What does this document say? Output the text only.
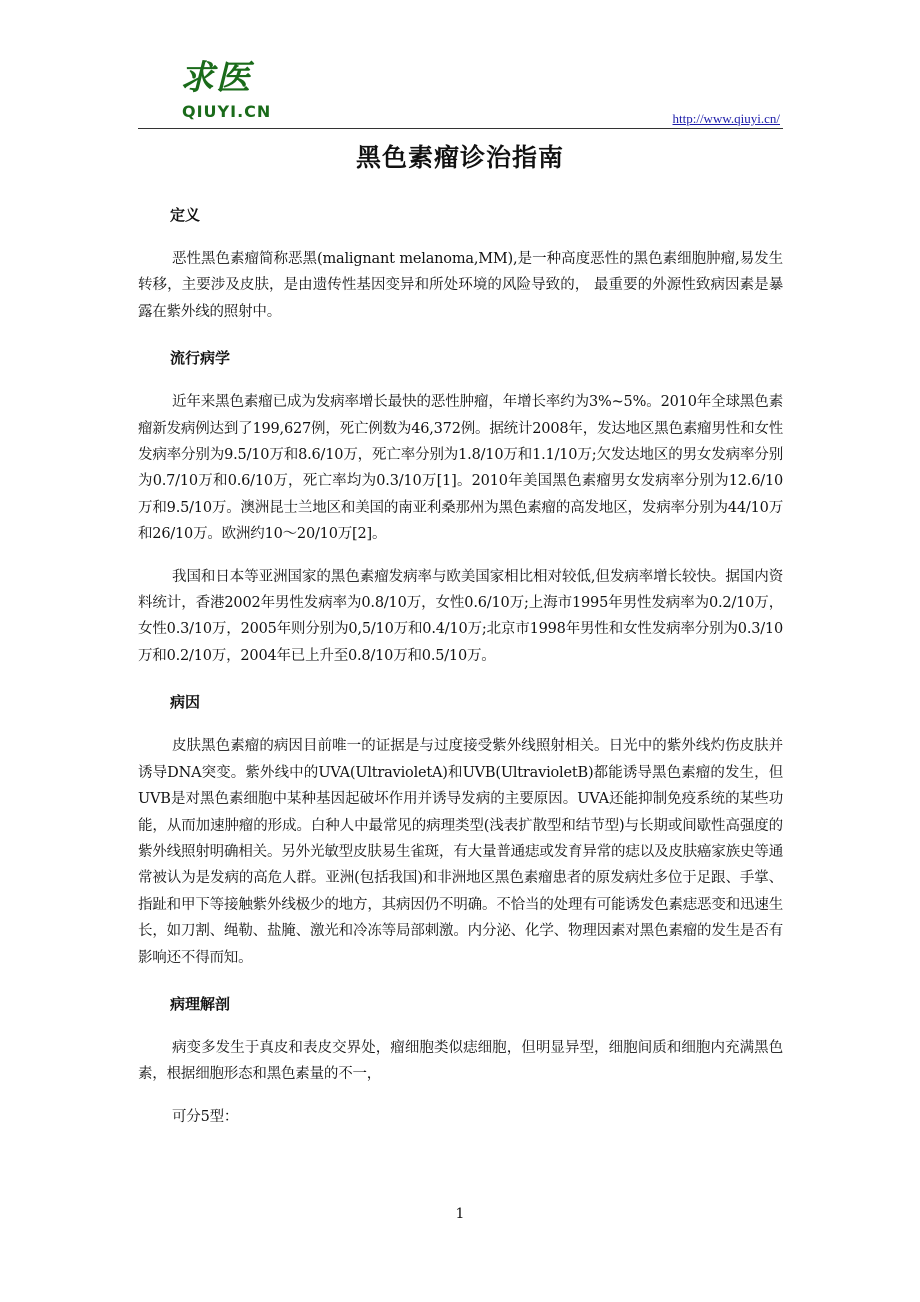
求医
QIUYI.CN	http://www.qiuyi.cn/
黑色素瘤诊治指南
定义

恶性黑色素瘤简称恶黑(malignant melanoma,MM),是一种高度恶性的黑色素细胞肿瘤,易发生转移，主要涉及皮肤，是由遗传性基因变异和所处环境的风险导致的， 最重要的外源性致病因素是暴露在紫外线的照射中。

流行病学

近年来黑色素瘤已成为发病率增长最快的恶性肿瘤，年增长率约为3%~5%。2010年全球黑色素瘤新发病例达到了199,627例，死亡例数为46,372例。据统计2008年，发达地区黑色素瘤男性和女性发病率分别为9.5/10万和8.6/10万，死亡率分别为1.8/10万和1.1/10万;欠发达地区的男女发病率分别为0.7/10万和0.6/10万，死亡率均为0.3/10万[1]。2010年美国黑色素瘤男女发病率分别为12.6/10万和9.5/10万。澳洲昆士兰地区和美国的南亚利桑那州为黑色素瘤的高发地区，发病率分别为44/10万和26/10万。欧洲约10～20/10万[2]。

我国和日本等亚洲国家的黑色素瘤发病率与欧美国家相比相对较低,但发病率增长较快。据国内资料统计，香港2002年男性发病率为0.8/10万，女性0.6/10万;上海市1995年男性发病率为0.2/10万，女性0.3/10万，2005年则分别为0,5/10万和0.4/10万;北京市1998年男性和女性发病率分别为0.3/10万和0.2/10万，2004年已上升至0.8/10万和0.5/10万。

病因

皮肤黑色素瘤的病因目前唯一的证据是与过度接受紫外线照射相关。日光中的紫外线灼伤皮肤并诱导DNA突变。紫外线中的UVA(UltravioletA)和UVB(UltravioletB)都能诱导黑色素瘤的发生，但UVB是对黑色素细胞中某种基因起破坏作用并诱导发病的主要原因。UVA还能抑制免疫系统的某些功能，从而加速肿瘤的形成。白种人中最常见的病理类型(浅表扩散型和结节型)与长期或间歇性高强度的紫外线照射明确相关。另外光敏型皮肤易生雀斑，有大量普通痣或发育异常的痣以及皮肤癌家族史等通常被认为是发病的高危人群。亚洲(包括我国)和非洲地区黑色素瘤患者的原发病灶多位于足跟、手掌、指趾和甲下等接触紫外线极少的地方，其病因仍不明确。不恰当的处理有可能诱发色素痣恶变和迅速生长，如刀割、绳勒、盐腌、激光和冷冻等局部刺激。内分泌、化学、物理因素对黑色素瘤的发生是否有影响还不得而知。

病理解剖

病变多发生于真皮和表皮交界处，瘤细胞类似痣细胞，但明显异型，细胞间质和细胞内充满黑色素，根据细胞形态和黑色素量的不一，

可分5型：

1
